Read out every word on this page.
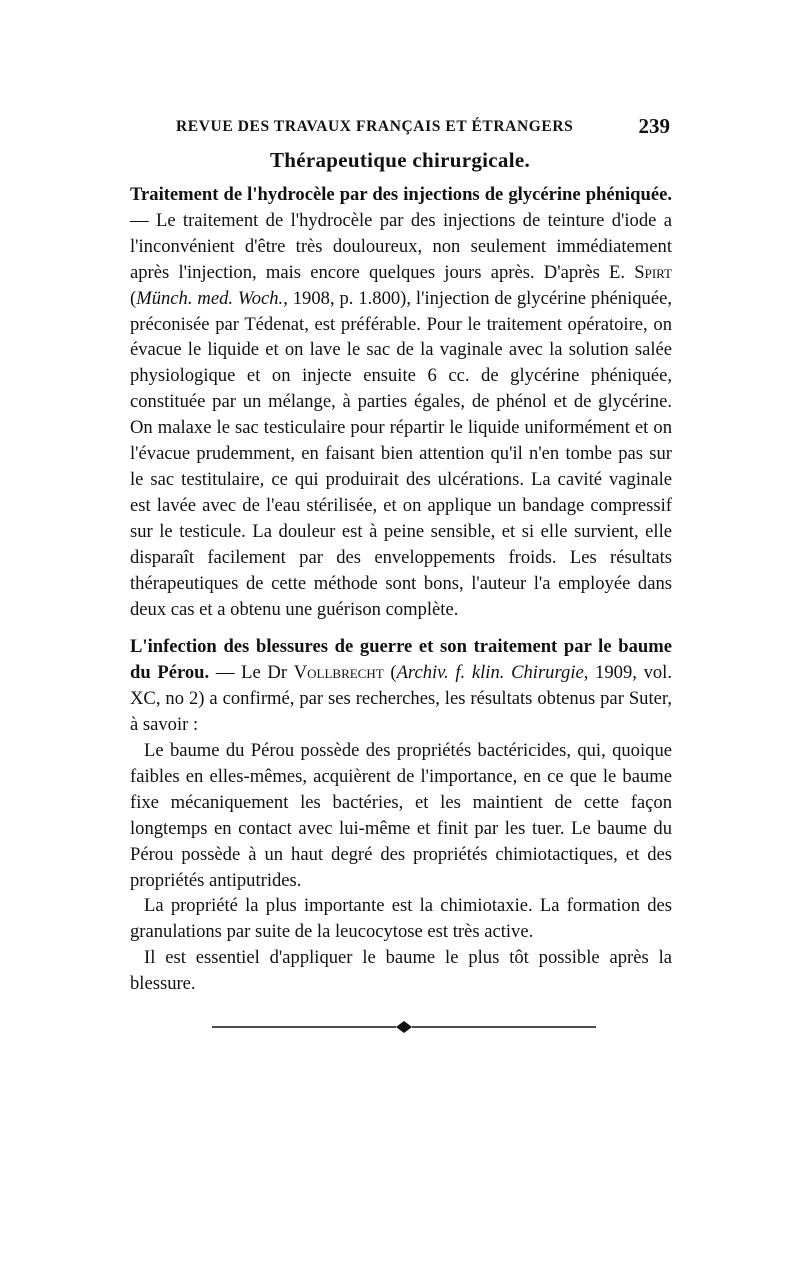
REVUE DES TRAVAUX FRANÇAIS ET ÉTRANGERS	239
Thérapeutique chirurgicale.

Traitement de l'hydrocèle par des injections de glycérine phéniquée. — Le traitement de l'hydrocèle par des injections de teinture d'iode a l'inconvénient d'être très douloureux, non seulement immédiatement après l'injection, mais encore quelques jours après. D'après E. Spirt (Münch. med. Woch., 1908, p. 1.800), l'injection de glycérine phéniquée, préconisée par Tédenat, est préférable. Pour le traitement opératoire, on évacue le liquide et on lave le sac de la vaginale avec la solution salée physiologique et on injecte ensuite 6 cc. de glycérine phéniquée, constituée par un mélange, à parties égales, de phénol et de glycérine. On malaxe le sac testiculaire pour répartir le liquide uniformément et on l'évacue prudemment, en faisant bien attention qu'il n'en tombe pas sur le sac testitulaire, ce qui produirait des ulcérations. La cavité vaginale est lavée avec de l'eau stérilisée, et on applique un bandage compressif sur le testicule. La douleur est à peine sensible, et si elle survient, elle disparaît facilement par des enveloppements froids. Les résultats thérapeutiques de cette méthode sont bons, l'auteur l'a employée dans deux cas et a obtenu une guérison complète.

L'infection des blessures de guerre et son traitement par le baume du Pérou. — Le Dr Vollbrecht (Archiv. f. klin. Chirurgie, 1909, vol. XC, no 2) a confirmé, par ses recherches, les résultats obtenus par Suter, à savoir :

Le baume du Pérou possède des propriétés bactéricides, qui, quoique faibles en elles-mêmes, acquièrent de l'importance, en ce que le baume fixe mécaniquement les bactéries, et les maintient de cette façon longtemps en contact avec lui-même et finit par les tuer. Le baume du Pérou possède à un haut degré des propriétés chimiotactiques, et des propriétés antiputrides.

La propriété la plus importante est la chimiotaxie. La formation des granulations par suite de la leucocytose est très active.

Il est essentiel d'appliquer le baume le plus tôt possible après la blessure.
